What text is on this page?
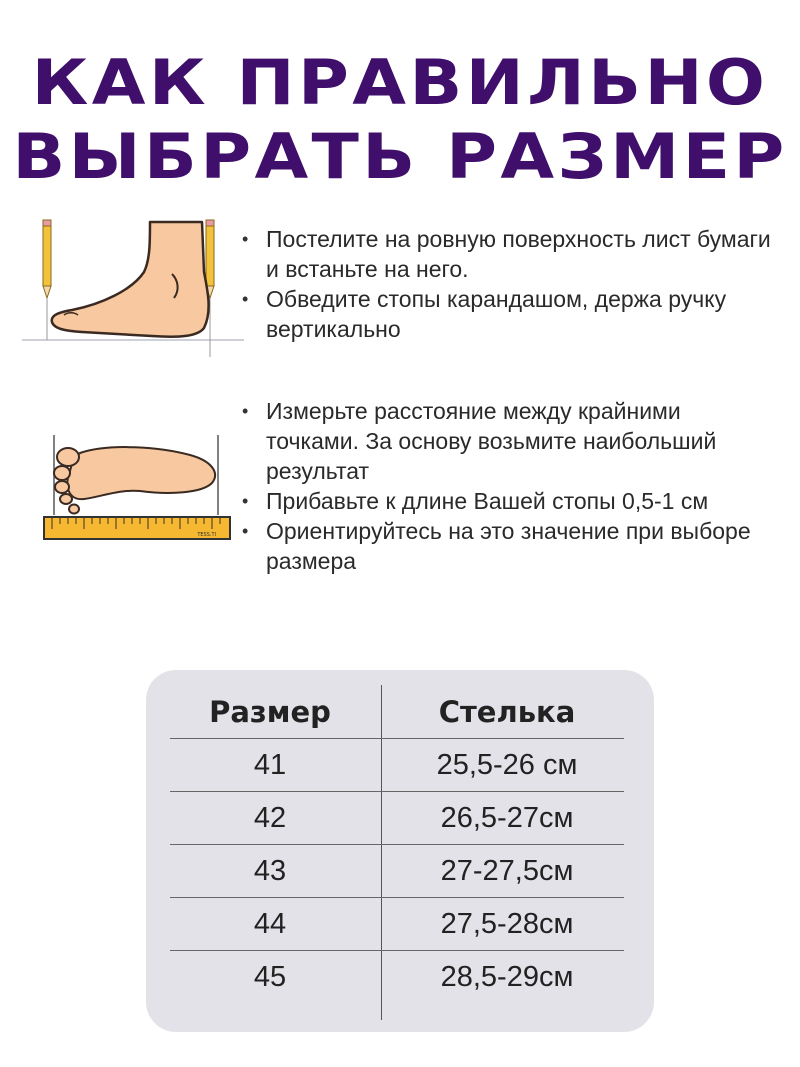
КАК ПРАВИЛЬНО
ВЫБРАТЬ РАЗМЕР
• Постелите на ровную поверхность лист бумаги и встаньте на него.
• Обведите стопы карандашом, держа ручку вертикально
TESS.TI
• Измерьте расстояние между крайними точками. За основу возьмите наибольший результат
• Прибавьте к длине Вашей стопы 0,5-1 см
• Ориентируйтесь на это значение при выборе размера
Размер	Стелька
41	25,5-26 см
42	26,5-27см
43	27-27,5см
44	27,5-28см
45	28,5-29см
